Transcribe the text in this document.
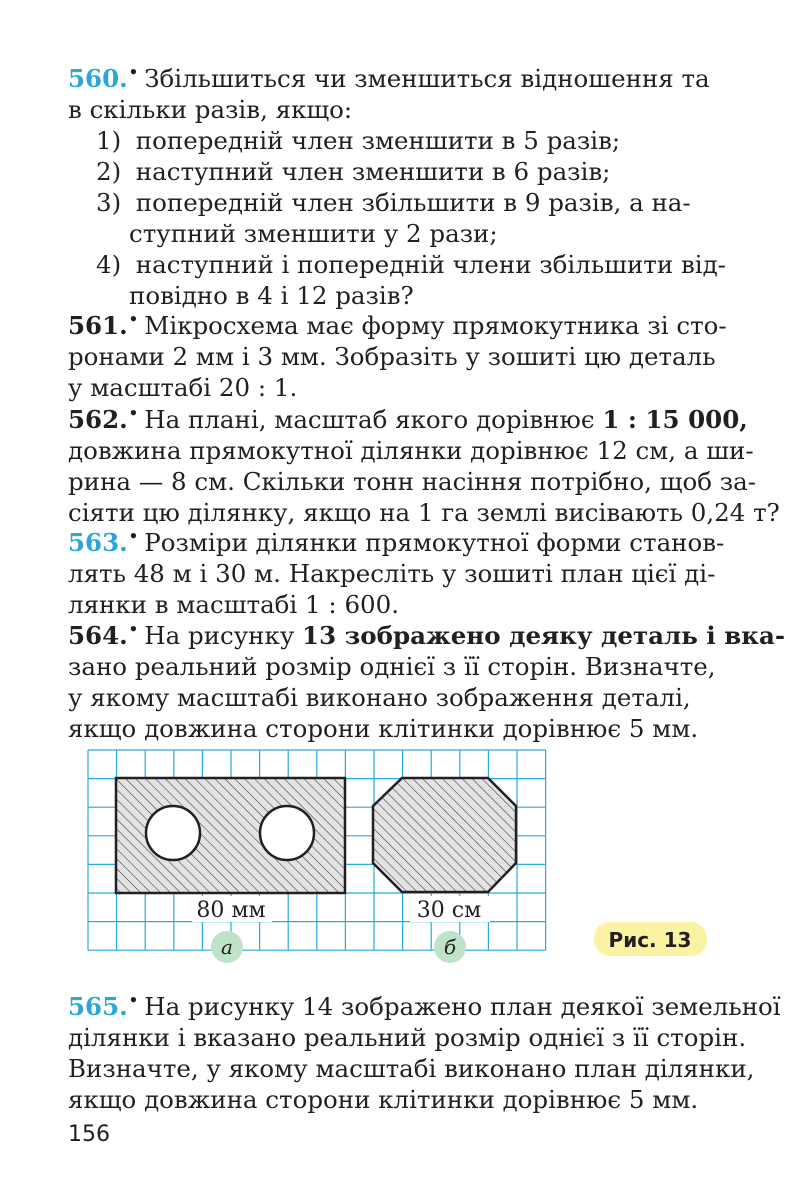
560.• Збільшиться чи зменшиться відношення та
в скільки разів, якщо:
1) попередній член зменшити в 5 разів;
2) наступний член зменшити в 6 разів;
3) попередній член збільшити в 9 разів, а на-
ступний зменшити у 2 рази;
4) наступний і попередній члени збільшити від-
повідно в 4 і 12 разів?
561.• Мікросхема має форму прямокутника зі сто-
ронами 2 мм і 3 мм. Зобразіть у зошиті цю деталь
у масштабі 20 : 1.
562.• На плані, масштаб якого дорівнює 1 : 15 000,
довжина прямокутної ділянки дорівнює 12 см, а ши-
рина — 8 см. Скільки тонн насіння потрібно, щоб за-
сіяти цю ділянку, якщо на 1 га землі висівають 0,24 т?
563.• Розміри ділянки прямокутної форми станов-
лять 48 м і 30 м. Накресліть у зошиті план цієї ді-
лянки в масштабі 1 : 600.
564.• На рисунку 13 зображено деяку деталь і вка-
зано реальний розмір однієї з її сторін. Визначте,
у якому масштабі виконано зображення деталі,
якщо довжина сторони клітинки дорівнює 5 мм.
80 мм	30 см
а	б	Рис. 13
565.• На рисунку 14 зображено план деякої земельної
ділянки і вказано реальний розмір однієї з її сторін.
Визначте, у якому масштабі виконано план ділянки,
якщо довжина сторони клітинки дорівнює 5 мм.
156
